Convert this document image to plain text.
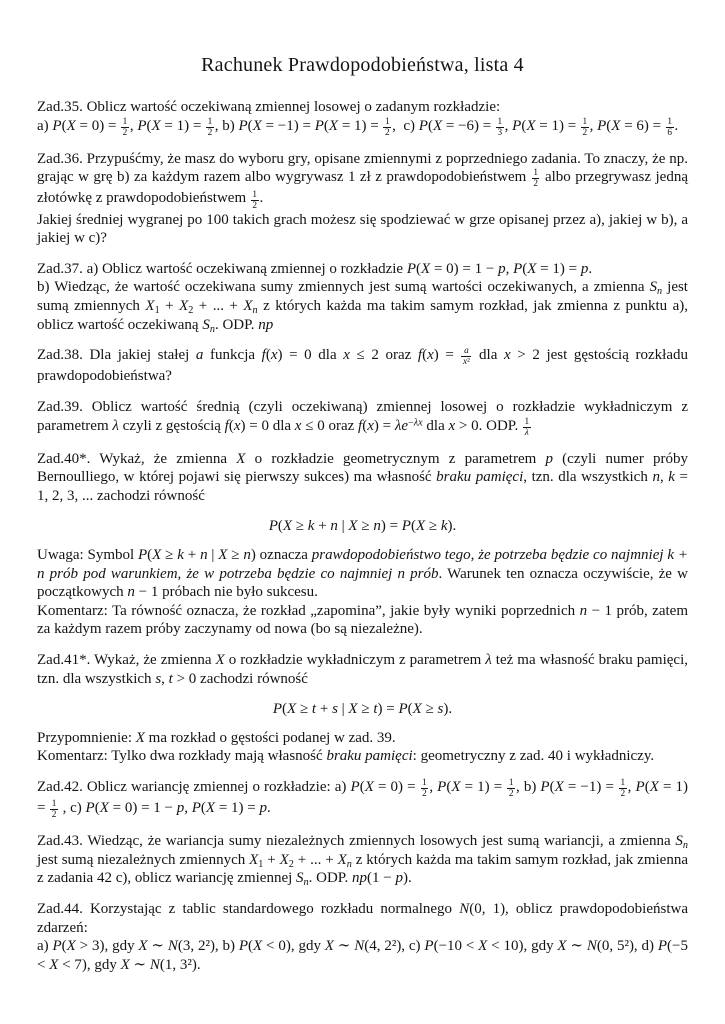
Rachunek Prawdopodobieństwa, lista 4

Zad.35. Oblicz wartość oczekiwaną zmiennej losowej o zadanym rozkładzie:
a) $P(X = 0) = \frac{1}{2}$ , $P(X = 1) = \frac{1}{2}$ , b) $P(X = -1) = P(X = 1) = \frac{1}{2}$ ,  c) $P(X = -6) = \frac{1}{3}$ , $P(X = 1) = \frac{1}{2}$ , $P(X = 6) = \frac{1}{6}$ .

Zad.36. Przypuśćmy, że masz do wyboru gry, opisane zmiennymi z poprzedniego zadania. To znaczy, że np. grając w grę b) za każdym razem albo wygrywasz 1 zł z prawdopodobieństwem $\frac{1}{2}$ albo przegrywasz jedną złotówkę z prawdopodobieństwem $\frac{1}{2}$ .
Jakiej średniej wygranej po 100 takich grach możesz się spodziewać w grze opisanej przez a), jakiej w b), a jakiej w c)?

Zad.37. a) Oblicz wartość oczekiwaną zmiennej o rozkładzie P(X = 0) = 1 − p, P(X = 1) = p.
b) Wiedząc, że wartość oczekiwana sumy zmiennych jest sumą wartości oczekiwanych, a zmienna $S_n$ jest sumą zmiennych $X_1 + X_2$ + ... + $X_n$ z których każda ma takim samym rozkład, jak zmienna z punktu a), oblicz wartość oczekiwaną $S_n$. ODP. np

Zad.38. Dla jakiej stałej a funkcja f(x) = 0 dla x ≤ 2 oraz $f(x) = \frac{a}{\text{x²}}$ dla x > 2 jest gęstością rozkładu prawdopodobieństwa?

Zad.39. Oblicz wartość średnią (czyli oczekiwaną) zmiennej losowej o rozkładzie wykładniczym z parametrem λ czyli z gęstością f(x) = 0 dla x ≤ 0 oraz $f(x) = \lambda e^{-\lambda x}$ dla x > 0. ODP. $\frac{1}{\lambda}$

Zad.40*. Wykaż, że zmienna X o rozkładzie geometrycznym z parametrem p (czyli numer próby Bernoulliego, w której pojawi się pierwszy sukces) ma własność braku pamięci, tzn. dla wszystkich n, k = 1, 2, 3, ... zachodzi równość

P(X ≥ k + n | X ≥ n) = P(X ≥ k).

Uwaga: Symbol P(X ≥ k + n | X ≥ n) oznacza prawdopodobieństwo tego, że potrzeba będzie co najmniej k + n prób pod warunkiem, że w potrzeba będzie co najmniej n prób. Warunek ten oznacza oczywiście, że w początkowych n − 1 próbach nie było sukcesu.
Komentarz: Ta równość oznacza, że rozkład „zapomina”, jakie były wyniki poprzednich n − 1 prób, zatem za każdym razem próby zaczynamy od nowa (bo są niezależne).

Zad.41*. Wykaż, że zmienna X o rozkładzie wykładniczym z parametrem λ też ma własność braku pamięci, tzn. dla wszystkich s, t > 0 zachodzi równość

P(X ≥ t + s | X ≥ t) = P(X ≥ s).

Przypomnienie: X ma rozkład o gęstości podanej w zad. 39.
Komentarz: Tylko dwa rozkłady mają własność braku pamięci: geometryczny z zad. 40 i wykładniczy.

Zad.42. Oblicz wariancję zmiennej o rozkładzie: a) $P(X = 0) = \frac{1}{2}$ , $P(X = 1) = \frac{1}{2}$ , b) $P(X = -1) = \frac{1}{2}$ , $P(X = 1) = \frac{1}{2}$ , c) P(X = 0) = 1 − p, P(X = 1) = p.

Zad.43. Wiedząc, że wariancja sumy niezależnych zmiennych losowych jest sumą wariancji, a zmienna $S_n$ jest sumą niezależnych zmiennych $X_1 + X_2$ + ... + $X_n$ z których każda ma takim samym rozkład, jak zmienna z zadania 42 c), oblicz wariancję zmiennej $S_n$. ODP. np(1 − p).

Zad.44. Korzystając z tablic standardowego rozkładu normalnego N(0, 1), oblicz prawdopodobieństwa zdarzeń:
a) P(X > 3), gdy X ∼ N(3, 2²), b) P(X < 0), gdy X ∼ N(4, 2²), c) P(−10 < X < 10), gdy X ∼ N(0, 5²), d) P(−5 < X < 7), gdy X ∼ N(1, 3²).
